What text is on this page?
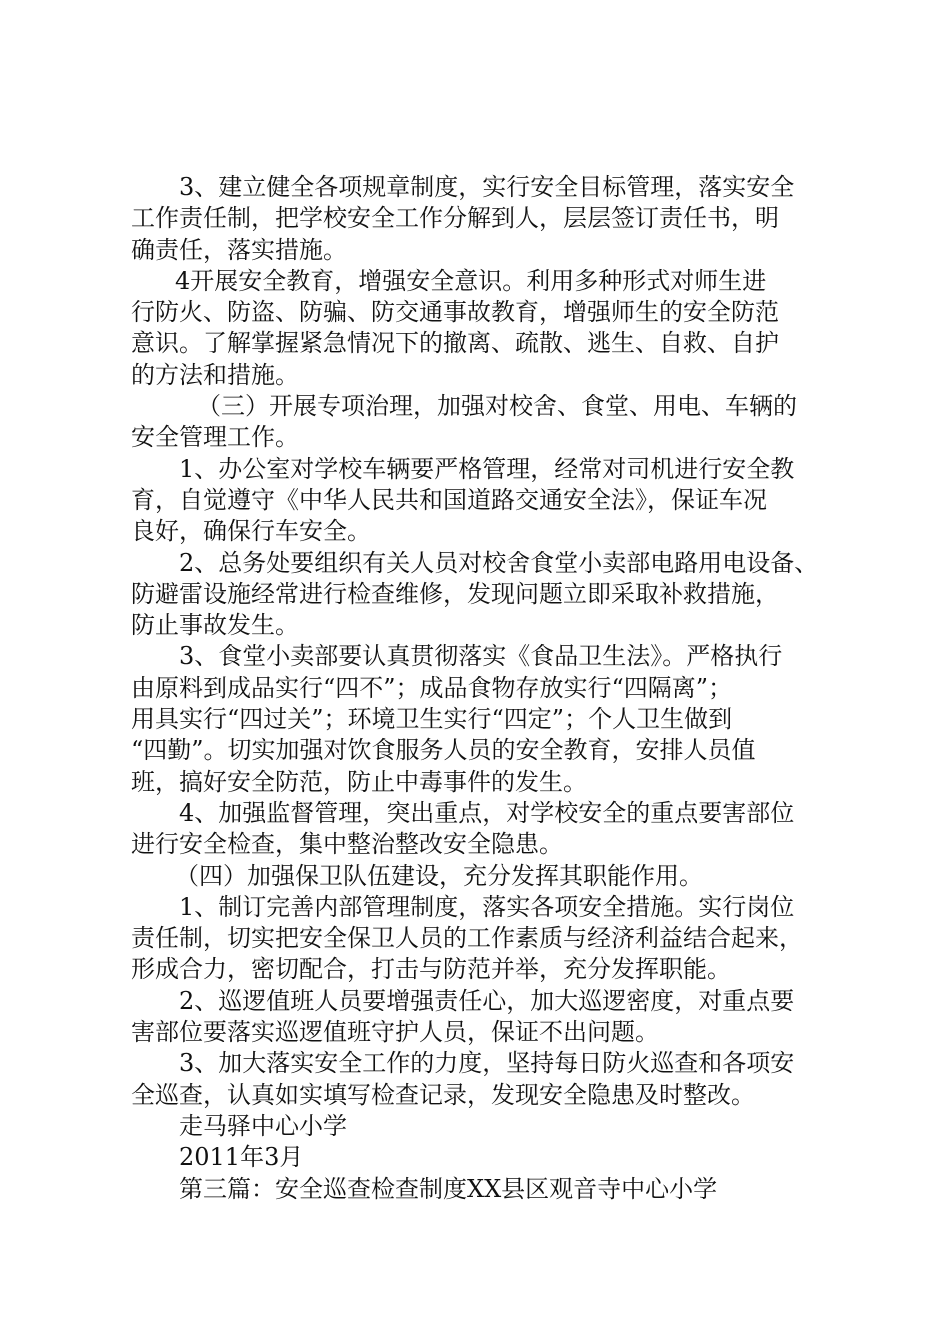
3、建立健全各项规章制度，实行安全目标管理，落实安全
工作责任制，把学校安全工作分解到人，层层签订责任书，明
确责任，落实措施。
4开展安全教育，增强安全意识。利用多种形式对师生进
行防火、防盗、防骗、防交通事故教育，增强师生的安全防范
意识。了解掌握紧急情况下的撤离、疏散、逃生、自救、自护
的方法和措施。
（三）开展专项治理，加强对校舍、食堂、用电、车辆的
安全管理工作。
1、办公室对学校车辆要严格管理，经常对司机进行安全教
育，自觉遵守《中华人民共和国道路交通安全法》，保证车况
良好，确保行车安全。
2、总务处要组织有关人员对校舍食堂小卖部电路用电设备、
防避雷设施经常进行检查维修，发现问题立即采取补救措施，
防止事故发生。
3、食堂小卖部要认真贯彻落实《食品卫生法》。严格执行
由原料到成品实行“四不”；成品食物存放实行“四隔离”；
用具实行“四过关”；环境卫生实行“四定”；个人卫生做到
“四勤”。切实加强对饮食服务人员的安全教育，安排人员值
班，搞好安全防范，防止中毒事件的发生。
4、加强监督管理，突出重点，对学校安全的重点要害部位
进行安全检查，集中整治整改安全隐患。
（四）加强保卫队伍建设，充分发挥其职能作用。
1、制订完善内部管理制度，落实各项安全措施。实行岗位
责任制，切实把安全保卫人员的工作素质与经济利益结合起来，
形成合力，密切配合，打击与防范并举，充分发挥职能。
2、巡逻值班人员要增强责任心，加大巡逻密度，对重点要
害部位要落实巡逻值班守护人员，保证不出问题。
3、加大落实安全工作的力度，坚持每日防火巡查和各项安
全巡查，认真如实填写检查记录，发现安全隐患及时整改。
走马驿中心小学
2011年3月
第三篇：安全巡查检查制度XX县区观音寺中心小学
